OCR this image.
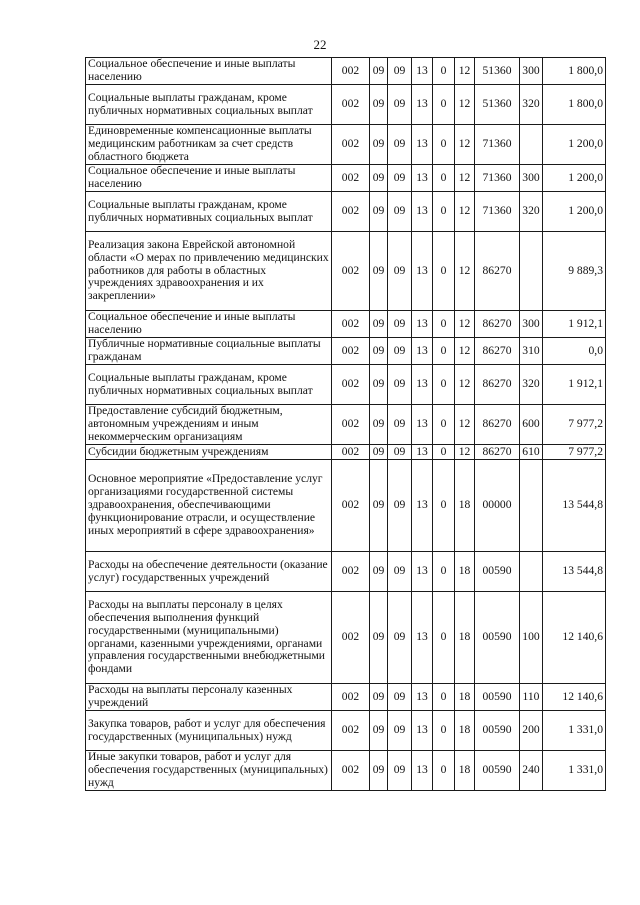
22
Социальное обеспечение и иные выплаты населению	002	09	09	13	0	12	51360	300	1 800,0
Социальные выплаты гражданам, кроме публичных нормативных социальных выплат	002	09	09	13	0	12	51360	320	1 800,0
Единовременные компенсационные выплаты медицинским работникам за счет средств областного бюджета	002	09	09	13	0	12	71360		1 200,0
Социальное обеспечение и иные выплаты населению	002	09	09	13	0	12	71360	300	1 200,0
Социальные выплаты гражданам, кроме публичных нормативных социальных выплат	002	09	09	13	0	12	71360	320	1 200,0
Реализация закона Еврейской автономной области «О мерах по привлечению медицинских работников для работы в областных учреждениях здравоохранения и их закреплении»	002	09	09	13	0	12	86270		9 889,3
Социальное обеспечение и иные выплаты населению	002	09	09	13	0	12	86270	300	1 912,1
Публичные нормативные социальные выплаты гражданам	002	09	09	13	0	12	86270	310	0,0
Социальные выплаты гражданам, кроме публичных нормативных социальных выплат	002	09	09	13	0	12	86270	320	1 912,1
Предоставление субсидий бюджетным, автономным учреждениям и иным некоммерческим организациям	002	09	09	13	0	12	86270	600	7 977,2
Субсидии бюджетным учреждениям	002	09	09	13	0	12	86270	610	7 977,2
Основное мероприятие «Предоставление услуг организациями государственной системы здравоохранения, обеспечивающими функционирование отрасли, и осуществление иных мероприятий в сфере здравоохранения»	002	09	09	13	0	18	00000		13 544,8
Расходы на обеспечение деятельности (оказание услуг) государственных учреждений	002	09	09	13	0	18	00590		13 544,8
Расходы на выплаты персоналу в целях обеспечения выполнения функций государственными (муниципальными) органами, казенными учреждениями, органами управления государственными внебюджетными фондами	002	09	09	13	0	18	00590	100	12 140,6
Расходы на выплаты персоналу казенных учреждений	002	09	09	13	0	18	00590	110	12 140,6
Закупка товаров, работ и услуг для обеспечения государственных (муниципальных) нужд	002	09	09	13	0	18	00590	200	1 331,0
Иные закупки товаров, работ и услуг для обеспечения государственных (муниципальных) нужд	002	09	09	13	0	18	00590	240	1 331,0
